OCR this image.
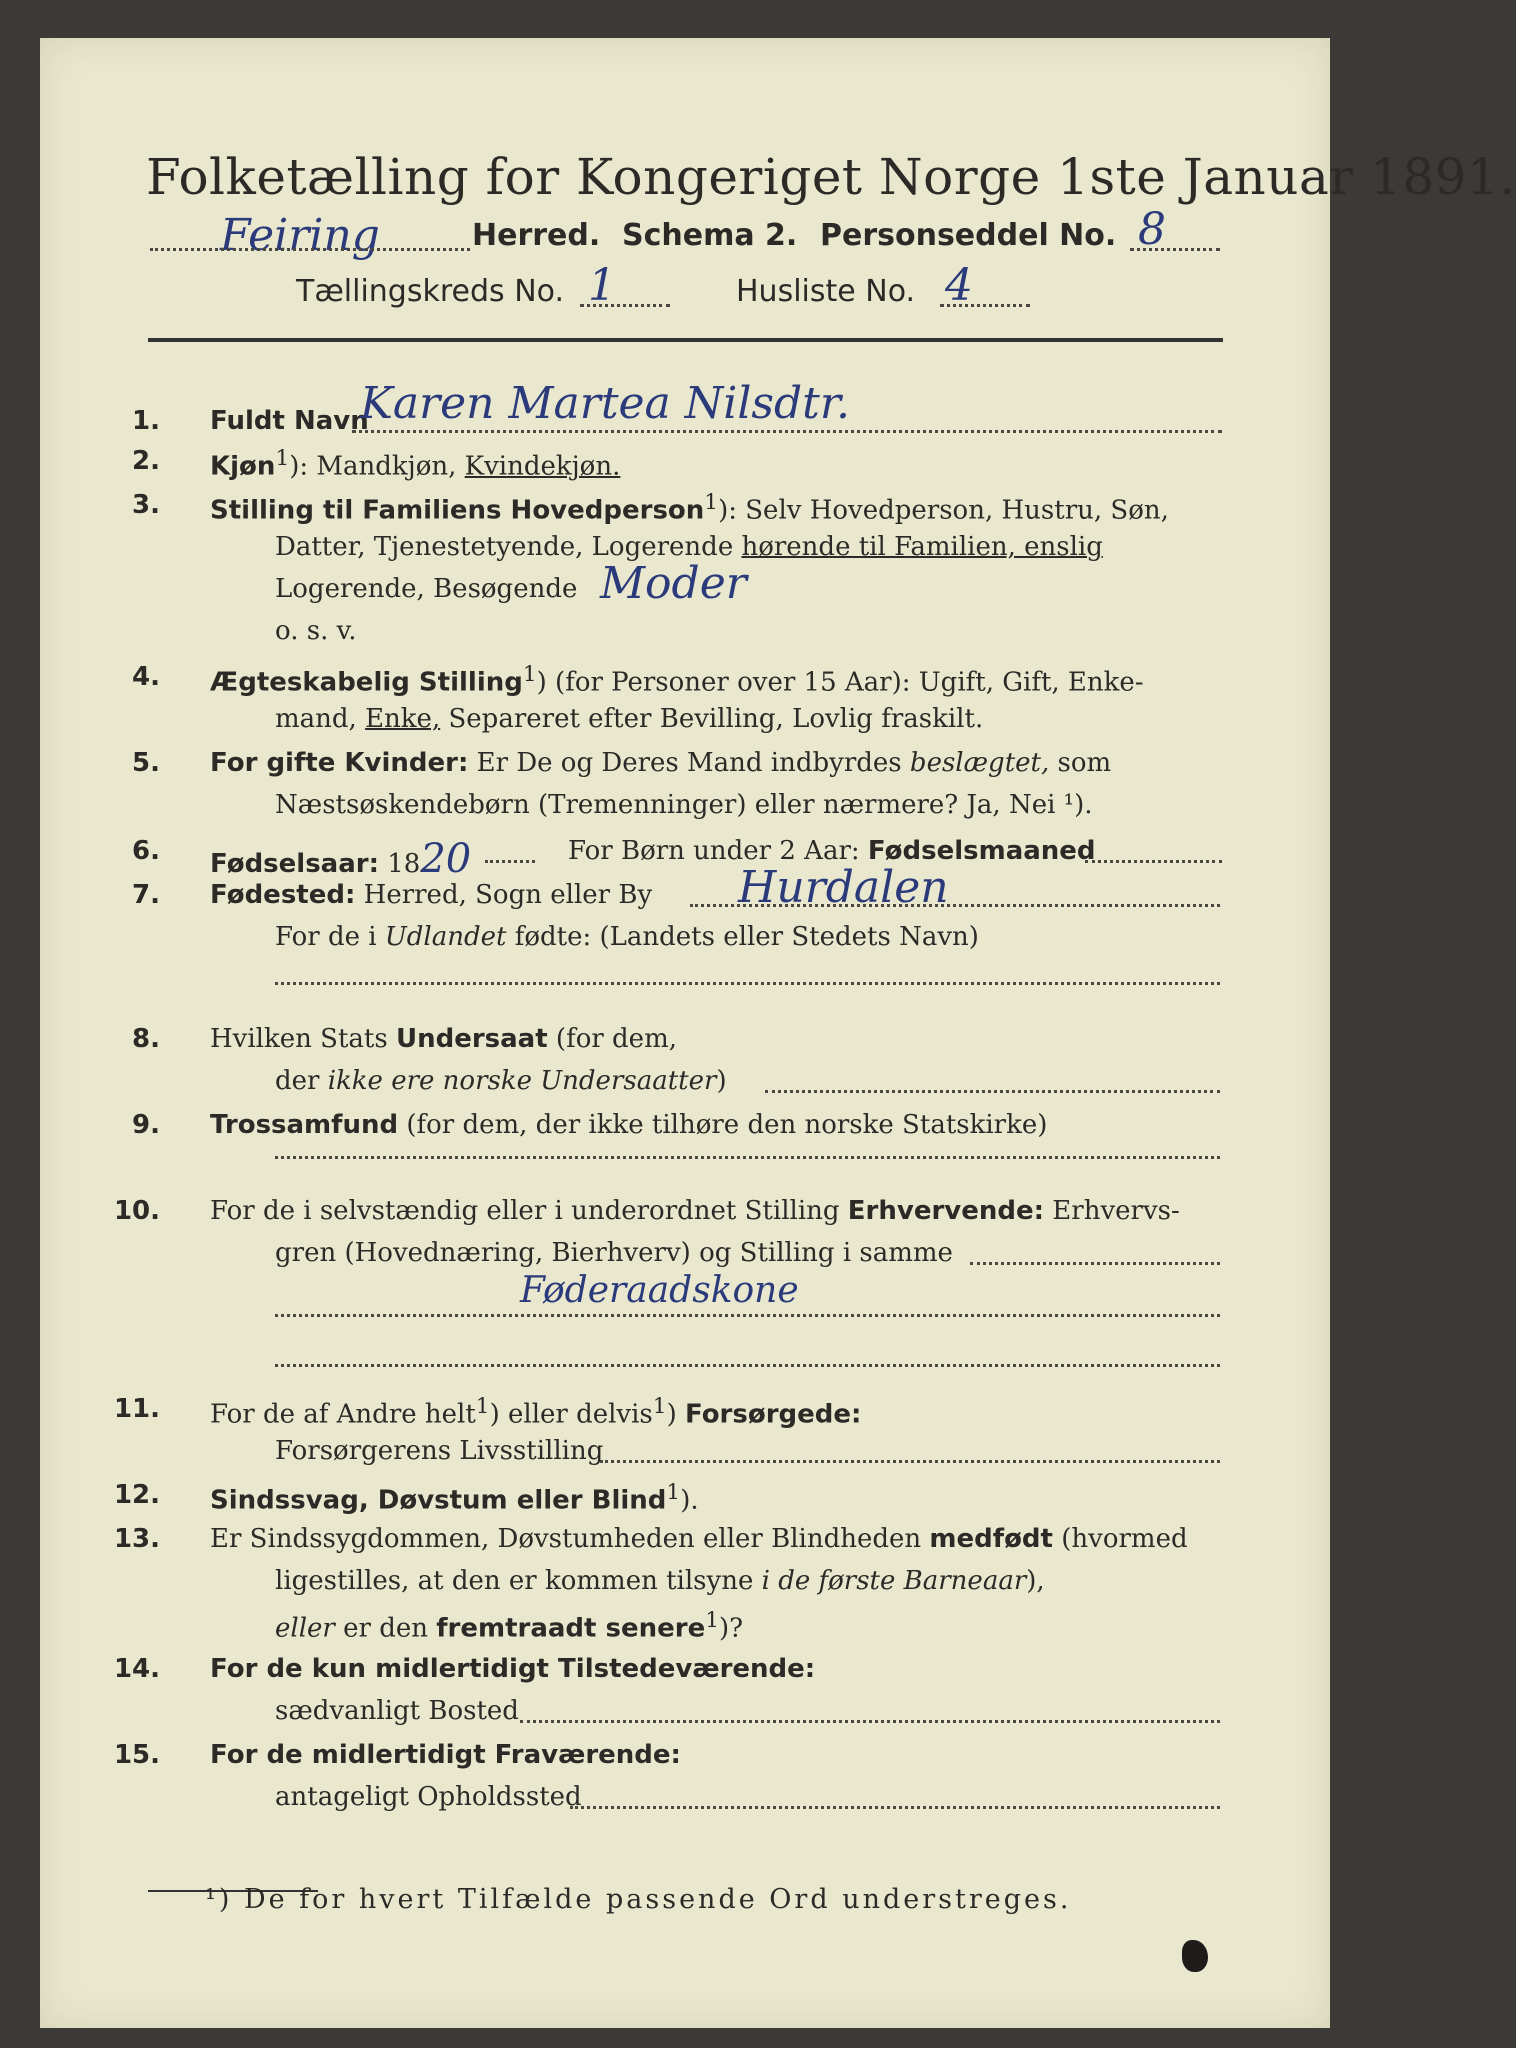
Folketælling for Kongeriget Norge 1ste Januar 1891.
Feiring	Herred. Schema 2. Personseddel No. 8
Tællingskreds No. 1	Husliste No. 4
1. Fuldt Navn
Karen Martea Nilsdtr.
2. Kjøn$^1$): Mandkjøn, Kvindekjøn.
3. Stilling til Familiens Hovedperson$^1$): Selv Hovedperson, Hustru, Søn,
Datter, Tjenestetyende, Logerende hørende til Familien, enslig
Logerende, Besøgende Moder
o. s. v.
4. Ægteskabelig Stilling$^1$) (for Personer over 15 Aar): Ugift, Gift, Enke-
mand, Enke, Separeret efter Bevilling, Lovlig fraskilt.
5. For gifte Kvinder: Er De og Deres Mand indbyrdes beslægtet, som
Næstsøskendebørn (Tremenninger) eller nærmere? Ja, Nei ¹).
6. Fødselsaar: 1820	For Børn under 2 Aar: Fødselsmaaned
7. Fødested: Herred, Sogn eller By Hurdalen
For de i Udlandet fødte: (Landets eller Stedets Navn)
8. Hvilken Stats Undersaat (for dem,
der ikke ere norske Undersaatter)
9. Trossamfund (for dem, der ikke tilhøre den norske Statskirke)
10. For de i selvstændig eller i underordnet Stilling Erhvervende: Erhvervs-
gren (Hovednæring, Bierhverv) og Stilling i samme
Føderaadskone
11. For de af Andre helt$^1$) eller delvis$^1$) Forsørgede:
Forsørgerens Livsstilling
12. Sindssvag, Døvstum eller Blind$^1$).
13. Er Sindssygdommen, Døvstumheden eller Blindheden medfødt (hvormed
ligestilles, at den er kommen tilsyne i de første Barneaar),
eller er den fremtraadt senere$^1$)?
14. For de kun midlertidigt Tilstedeværende:
sædvanligt Bosted
15. For de midlertidigt Fraværende:
antageligt Opholdssted
¹) De for hvert Tilfælde passende Ord understreges.
